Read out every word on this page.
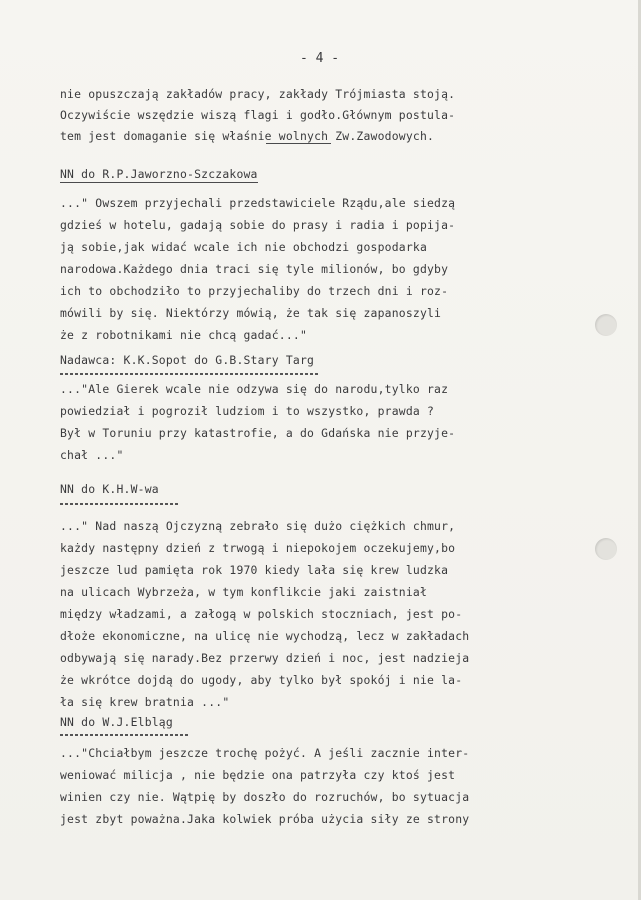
- 4 -
nie opuszczają zakładów pracy, zakłady Trójmiasta stoją.
Oczywiście wszędzie wiszą flagi i godło.Głównym postula-
tem jest domaganie się właśnie wolnych Zw.Zawodowych.
NN do R.P.Jaworzno-Szczakowa
..." Owszem przyjechali przedstawiciele Rządu,ale siedzą
gdzieś w hotelu, gadają sobie do prasy i radia i popija-
ją sobie,jak widać wcale ich nie obchodzi gospodarka
narodowa.Każdego dnia traci się tyle milionów, bo gdyby
ich to obchodziło to przyjechaliby do trzech dni i roz-
mówili by się. Niektórzy mówią, że tak się zapanoszyli
że z robotnikami nie chcą gadać..."
Nadawca: K.K.Sopot do G.B.Stary Targ
..."Ale Gierek wcale nie odzywa się do narodu,tylko raz
powiedział i pogroził ludziom i to wszystko, prawda ?
Był w Toruniu przy katastrofie, a do Gdańska nie przyje-
chał ..."
NN do K.H.W-wa
..." Nad naszą Ojczyzną zebrało się dużo ciężkich chmur,
każdy następny dzień z trwogą i niepokojem oczekujemy,bo
jeszcze lud pamięta rok 1970 kiedy lała się krew ludzka
na ulicach Wybrzeża, w tym konflikcie jaki zaistniał
między władzami, a załogą w polskich stoczniach, jest po-
dłoże ekonomiczne, na ulicę nie wychodzą, lecz w zakładach
odbywają się narady.Bez przerwy dzień i noc, jest nadzieja
że wkrótce dojdą do ugody, aby tylko był spokój i nie la-
ła się krew bratnia ..."
NN do W.J.Elbląg
..."Chciałbym jeszcze trochę pożyć. A jeśli zacznie inter-
weniować milicja , nie będzie ona patrzyła czy ktoś jest
winien czy nie. Wątpię by doszło do rozruchów, bo sytuacja
jest zbyt poważna.Jaka kolwiek próba użycia siły ze strony
